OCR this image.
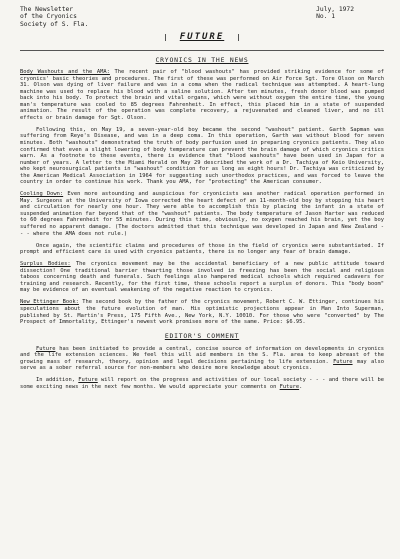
The Newsletter
of the Cryonics
Society of S. Fla.
July, 1972
No. 1
FUTURE
CRYONICS IN THE NEWS

Body Washouts and the AMA: The recent pair of "blood washouts" has provided striking evidence for some of cryonics' basic theories and procedures. The first of these was performed on Air Force Sgt. Tore Olson on March 31. Olson was dying of liver failure and was in a coma when the radical technique was attempted. A heart-lung machine was used to replace his blood with a saline solution. After ten minutes, fresh donor blood was pumped back into his body. To protect the brain and vital organs, which were without oxygen the entire time, the young man's temperature was cooled to 85 degrees Fahrenheit. In effect, this placed him in a state of suspended animation. The result of the operation was complete recovery, a rejuvenated and cleaned liver, and no ill effects or brain damage for Sgt. Olson.

Following this, on May 19, a seven-year-old boy became the second "washout" patient. Garth Sapman was suffering from Reye's Disease, and was in a deep coma. In this operation, Garth was without blood for seven minutes. Both "washouts" demonstrated the truth of body perfusion used in preparing cryonics patients. They also confirmed that even a slight lowering of body temperature can prevent the brain damage of which cryonics critics warn. As a footnote to these events, there is evidence that "blood washouts" have been used in Japan for a number of years. A letter to the Miami Herald on May 29 described the work of a Dr. Tachiya of Keio University, who kept neurosurgical patients in "washout" condition for as long as eight hours! Dr. Tachiya was criticized by the American Medical Association in 1964 for suggesting such unorthodox practices, and was forced to leave the country in order to continue his work. Thank you AMA, for "protecting" the American consumer.

Cooling Down: Even more astounding and auspicious for cryonicists was another radical operation performed in May. Surgeons at the University of Iowa corrected the heart defect of an 11-month-old boy by stopping his heart and circulation for nearly one hour. They were able to accomplish this by placing the infant in a state of suspended animation far beyond that of the "washout" patients. The body temperature of Jason Harter was reduced to 60 degrees Fahrenheit for 55 minutes. During this time, obviously, no oxygen reached his brain, yet the boy suffered no apparent damage. (The doctors admitted that this technique was developed in Japan and New Zealand - - - where the AMA does not rule.)

Once again, the scientific claims and procedures of those in the field of cryonics were substantiated. If prompt and efficient care is used with cryonics patients, there is no longer any fear of brain damage.

Surplus Bodies: The cryonics movement may be the accidental beneficiary of a new public attitude toward dissection! One traditional barrier thwarting those involved in freezing has been the social and religious taboos concerning death and funerals. Such feelings also hampered medical schools which required cadavers for training and research. Recently, for the first time, these schools report a surplus of donors. This "body boom" may be evidence of an eventual weakening of the negative reaction to cryonics.

New Ettinger Book: The second book by the father of the cryonics movement, Robert C. W. Ettinger, continues his speculations about the future evolution of man. His optimistic projections appear in Man Into Superman, published by St. Martin's Press, 175 Fifth Ave., New York, N.Y. 10010. For those who were "converted" by The Prospect of Immortality, Ettinger's newest work promises more of the same. Price: $6.95.

EDITOR'S COMMENT

Future has been initiated to provide a central, concise source of information on developments in cryonics and the life extension sciences. We feel this will aid members in the S. Fla. area to keep abreast of the growing mass of research, theory, opinion and legal decisions pertaining to life extension. Future may also serve as a sober referral source for non-members who desire more knowledge about cryonics.

In addition, Future will report on the progress and activities of our local society - - - and there will be some exciting news in the next few months. We would appreciate your comments on Future.
